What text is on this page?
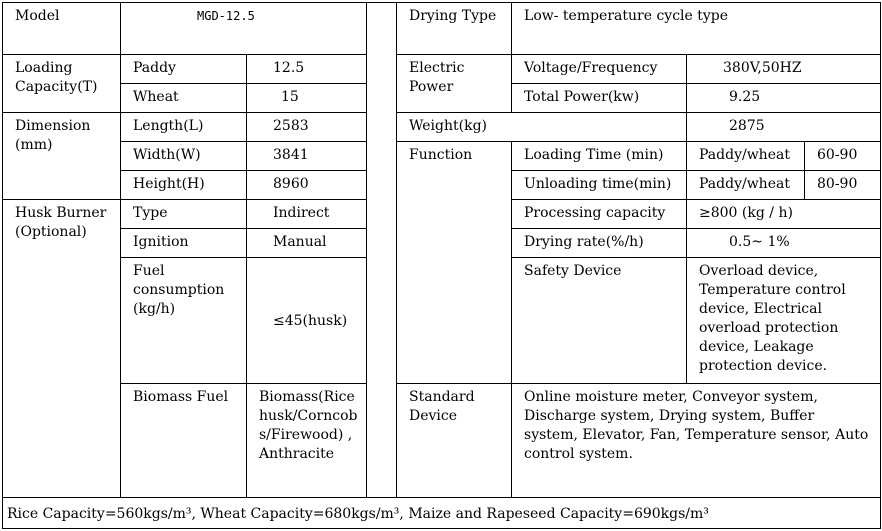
Model	MGD-12.5			Drying Type	Low- temperature cycle type		
Loading Capacity(T)	Paddy	12.5		Electric Power	Voltage/Frequency	380V,50HZ	
	Wheat	15			Total Power(kw)	9.25	
Dimension (mm)	Length(L)	2583		Weight(kg)		2875	
	Width(W)	3841		Function	Loading Time (min)	Paddy/wheat	60-90
	Height(H)	8960			Unloading time(min)	Paddy/wheat	80-90
Husk Burner (Optional)	Type	Indirect			Processing capacity	≥800 (kg / h)	
	Ignition	Manual			Drying rate(%/h)	0.5~ 1%	
	Fuel consumption (kg/h)	≤45(husk)			Safety Device	Overload device, Temperature control device, Electrical overload protection device, Leakage protection device.	
	Biomass Fuel	Biomass(Rice husk/Corncobs/Firewood) ,Anthracite		Standard Device	Online moisture meter, Conveyor system, Discharge system, Drying system, Buffer system, Elevator, Fan, Temperature sensor, Auto control system.		
Rice Capacity=560kgs/m³, Wheat Capacity=680kgs/m³, Maize and Rapeseed Capacity=690kgs/m³							
